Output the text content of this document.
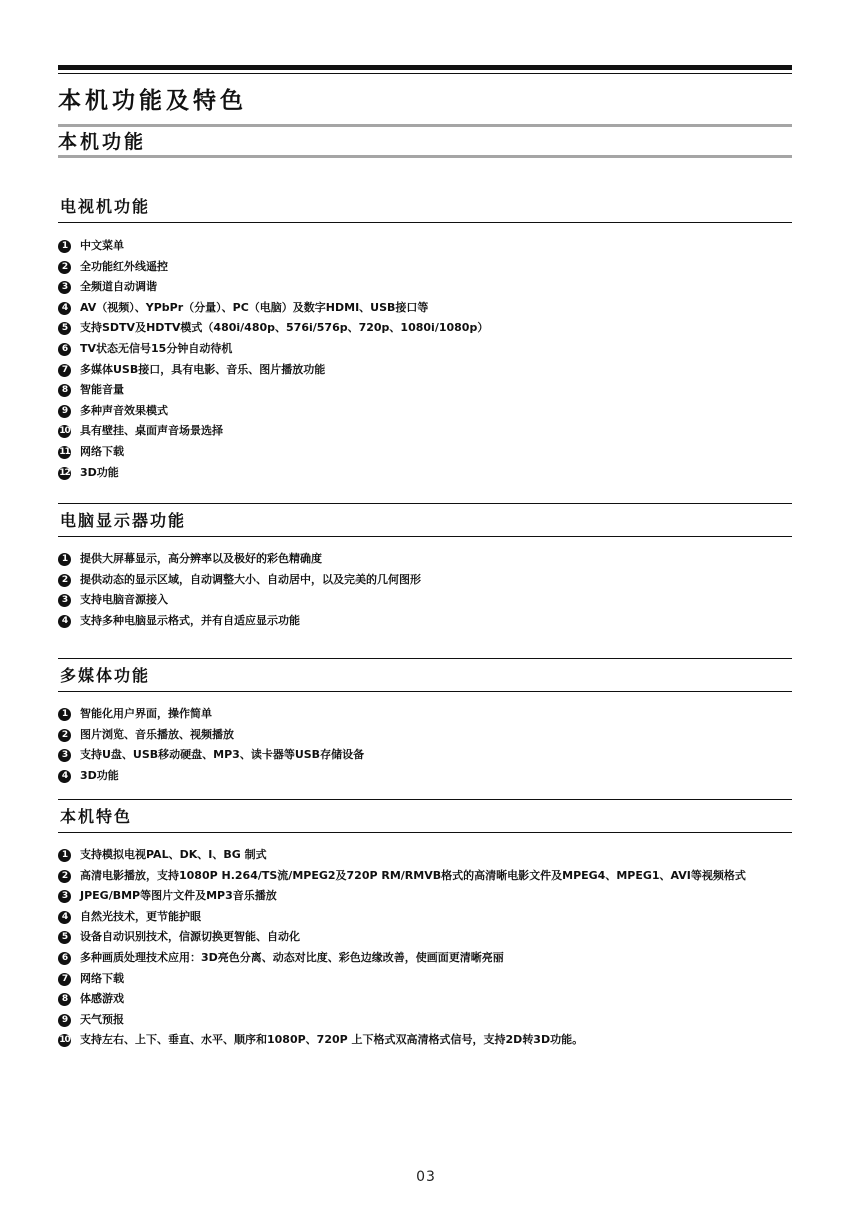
本机功能及特色
本机功能
电视机功能
1	中文菜单
2	全功能红外线遥控
3	全频道自动调谐
4	AV（视频）、YPbPr（分量）、PC（电脑）及数字HDMI、USB接口等
5	支持SDTV及HDTV模式（480i/480p、576i/576p、720p、1080i/1080p）
6	TV状态无信号15分钟自动待机
7	多媒体USB接口，具有电影、音乐、图片播放功能
8	智能音量
9	多种声音效果模式
10 具有壁挂、桌面声音场景选择
11 网络下载
12 3D功能
电脑显示器功能
1	提供大屏幕显示，高分辨率以及极好的彩色精确度
2	提供动态的显示区域，自动调整大小、自动居中，以及完美的几何图形
3	支持电脑音源接入
4	支持多种电脑显示格式，并有自适应显示功能
多媒体功能
1	智能化用户界面，操作简单
2	图片浏览、音乐播放、视频播放
3	支持U盘、USB移动硬盘、MP3、读卡器等USB存储设备
4	3D功能
本机特色
1	支持模拟电视PAL、DK、I、BG 制式
2	高清电影播放，支持1080P H.264/TS流/MPEG2及720P RM/RMVB格式的高清晰电影文件及MPEG4、MPEG1、AVI等视频格式
3	JPEG/BMP等图片文件及MP3音乐播放
4	自然光技术，更节能护眼
5	设备自动识别技术，信源切换更智能、自动化
6	多种画质处理技术应用：3D亮色分离、动态对比度、彩色边缘改善，使画面更清晰亮丽
7	网络下载
8	体感游戏
9	天气预报
10 支持左右、上下、垂直、水平、顺序和1080P、720P 上下格式双高清格式信号，支持2D转3D功能。
03
